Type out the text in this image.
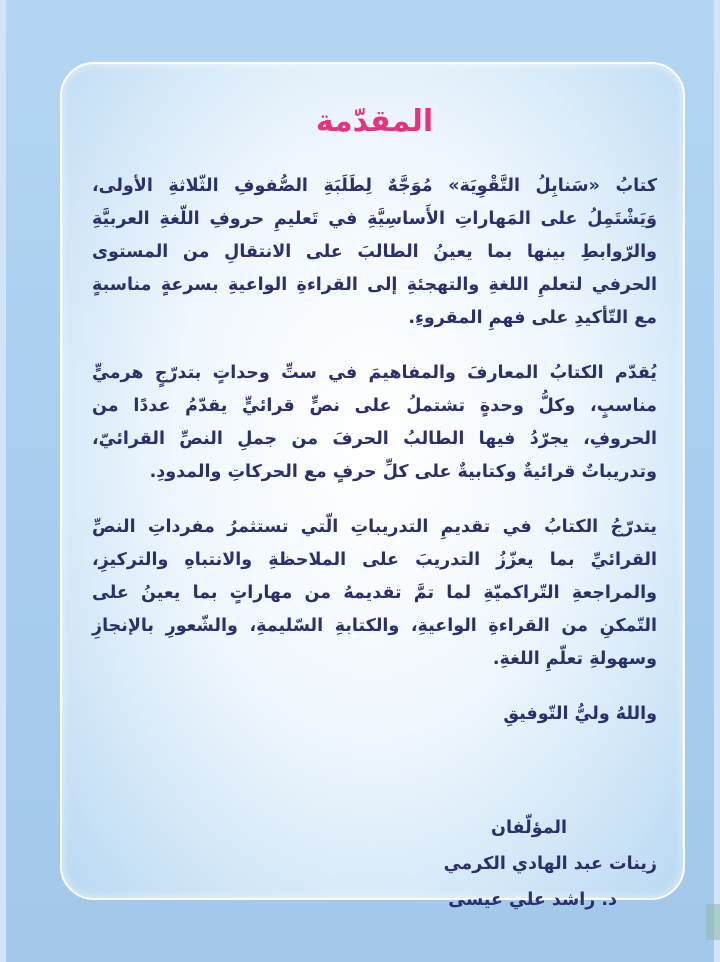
المقدّمة

كتابُ «سَنابِلُ التَّقْوِيَة» مُوَجَّهٌ لِطَلَبَةِ الصُّفوفِ الثّلاثةِ الأولى، وَيَشْتَمِلُ على المَهاراتِ الأَساسِيَّةِ في تَعليمِ حروفِ اللّغةِ العربيَّةِ والرّوابطِ بينها بما يعينُ الطالبَ على الانتقالِ من المستوى الحرفي لتعلمِ اللغةِ والتهجئةِ إلى القراءةِ الواعيةِ بسرعةٍ مناسبةٍ مع التّأكيدِ على فهمِ المقروءِ.

يُقدّم الكتابُ المعارفَ والمفاهيمَ في ستِّ وحداتٍ بتدرّجٍ هرميٍّ مناسبٍ، وكلُّ وحدةٍ تشتملُ على نصٍّ قرائيٍّ يقدّمُ عددًا من الحروفِ، يجرّدُ فيها الطالبُ الحرفَ من جملِ النصِّ القرائيّ، وتدريباتٌ قرائيةٌ وكتابيةٌ على كلِّ حرفٍ مع الحركاتِ والمدودِ.

يتدرّجُ الكتابُ في تقديمِ التدريباتِ الّتي تستثمرُ مفرداتِ النصِّ القرائيِّ بما يعزّزُ التدريبَ على الملاحظةِ والانتباهِ والتركيزِ، والمراجعةِ التّراكميّةِ لما تمَّ تقديمهُ من مهاراتٍ بما يعينُ على التّمكنِ من القراءةِ الواعيةِ، والكتابةِ السّليمةِ، والشّعورِ بالإنجازِ وسهولةِ تعلّمِ اللغةِ.

واللهُ وليُّ التّوفيقِ

المؤلّفان
زينات عبد الهادي الكرمي
د. راشد علي عيسى
